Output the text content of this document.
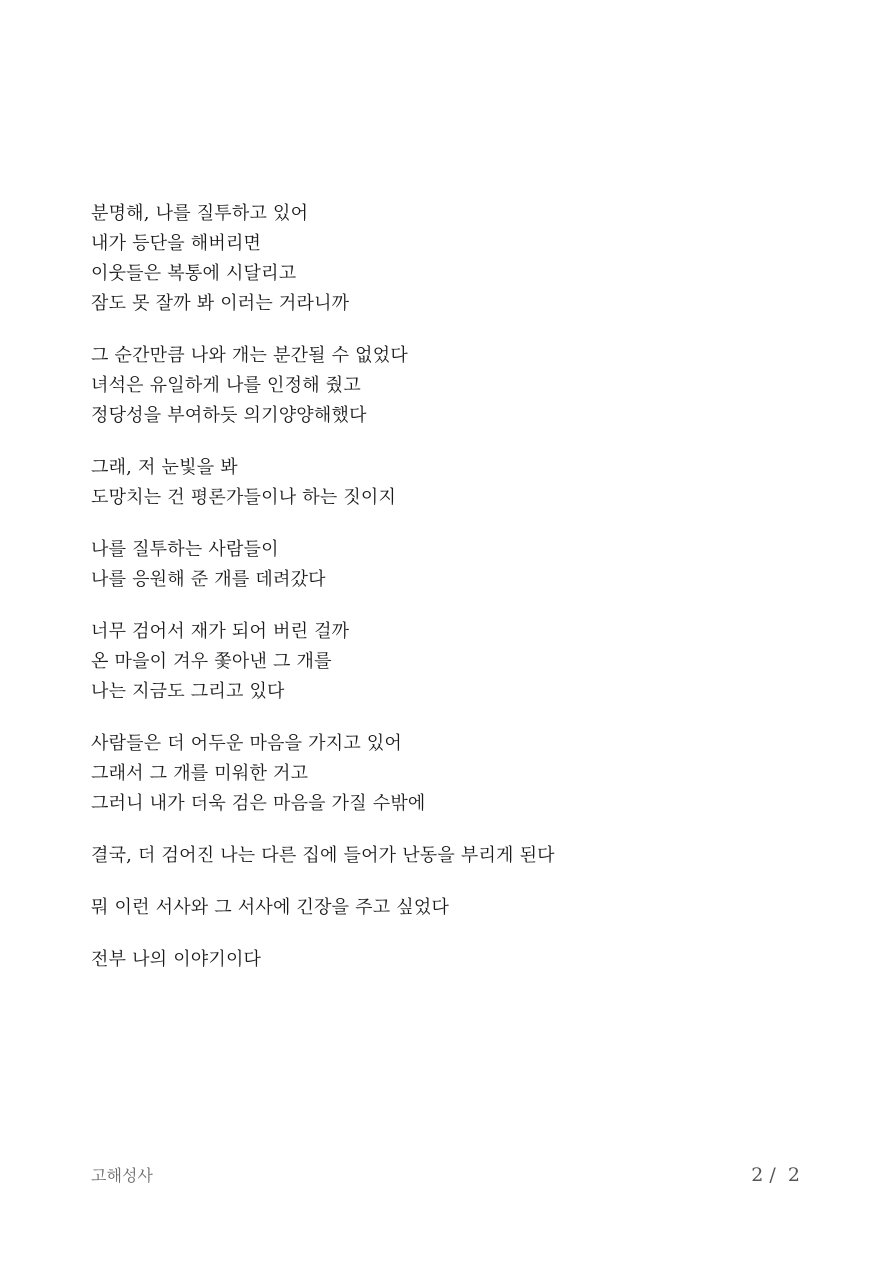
분명해, 나를 질투하고 있어
내가 등단을 해버리면
이웃들은 복통에 시달리고
잠도 못 잘까 봐 이러는 거라니까
그 순간만큼 나와 개는 분간될 수 없었다
녀석은 유일하게 나를 인정해 줬고
정당성을 부여하듯 의기양양해했다
그래, 저 눈빛을 봐
도망치는 건 평론가들이나 하는 짓이지
나를 질투하는 사람들이
나를 응원해 준 개를 데려갔다
너무 검어서 재가 되어 버린 걸까
온 마을이 겨우 쫓아낸 그 개를
나는 지금도 그리고 있다
사람들은 더 어두운 마음을 가지고 있어
그래서 그 개를 미워한 거고
그러니 내가 더욱 검은 마음을 가질 수밖에
결국, 더 검어진 나는 다른 집에 들어가 난동을 부리게 된다
뭐 이런 서사와 그 서사에 긴장을 주고 싶었다
전부 나의 이야기이다
고해성사	2 / 2
